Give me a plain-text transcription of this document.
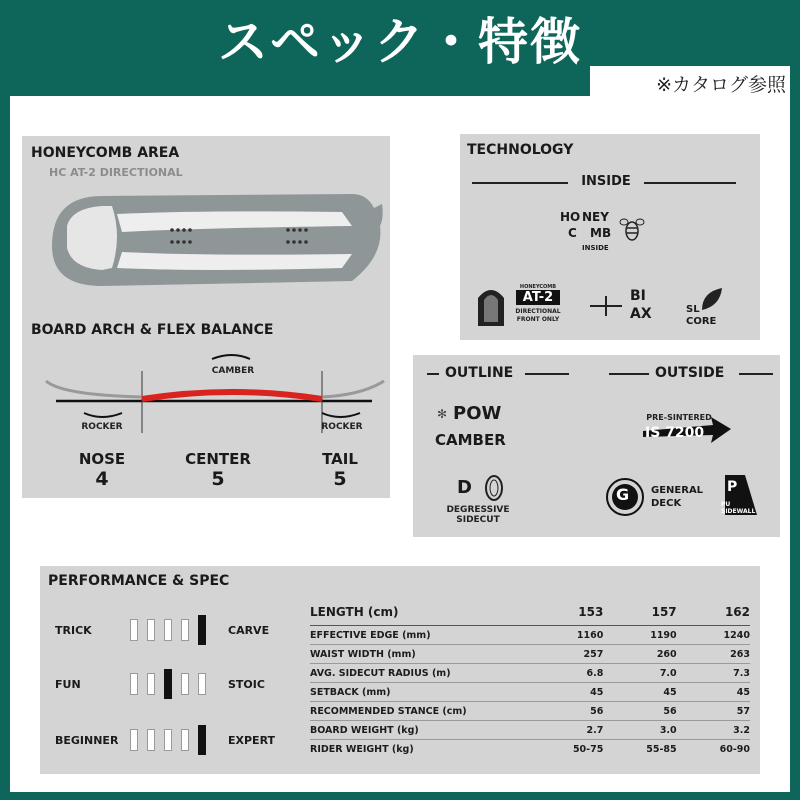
スペック・特徴
※カタログ参照
HONEYCOMB AREA
HC AT-2 DIRECTIONAL
BOARD ARCH & FLEX BALANCE
CAMBER
ROCKER	ROCKER
NOSE
4
CENTER
5
TAIL
5
TECHNOLOGY
INSIDE
HO NEY
C MB
INSIDE
HONEYCOMB
AT-2
DIRECTIONAL
FRONT ONLY
BI
AX	SL
CORE
OUTLINE	OUTSIDE
✻ POW
CAMBER
D
DEGRESSIVE
SIDECUT
PRE-SINTERED
IS 7200
G GENERAL
DECK
P
PU
SIDEWALL
PERFORMANCE & SPEC
TRICK	CARVE
FUN	STOIC
BEGINNER	EXPERT
LENGTH (cm)	153	157	162
EFFECTIVE EDGE (mm)	1160	1190	1240
WAIST WIDTH (mm)	257	260	263
AVG. SIDECUT RADIUS (m)	6.8	7.0	7.3
SETBACK (mm)	45	45	45
RECOMMENDED STANCE (cm)	56	56	57
BOARD WEIGHT (kg)	2.7	3.0	3.2
RIDER WEIGHT (kg)	50-75	55-85	60-90
